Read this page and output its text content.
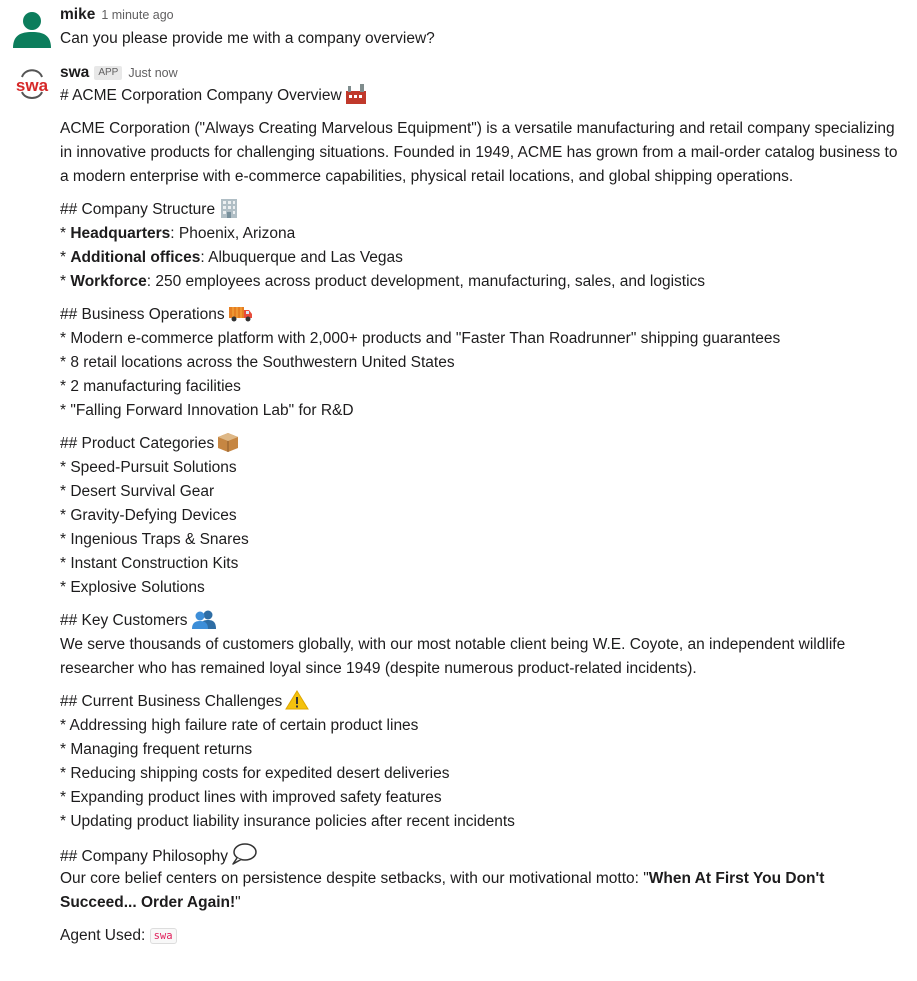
mike 1 minute ago
Can you please provide me with a company overview?
swa
swa APP Just now
# ACME Corporation Company Overview
ACME Corporation ("Always Creating Marvelous Equipment") is a versatile manufacturing and retail company specializing in innovative products for challenging situations. Founded in 1949, ACME has grown from a mail-order catalog business to a modern enterprise with e-commerce capabilities, physical retail locations, and global shipping operations.
## Company Structure
* Headquarters: Phoenix, Arizona
* Additional offices: Albuquerque and Las Vegas
* Workforce: 250 employees across product development, manufacturing, sales, and logistics
## Business Operations
* Modern e-commerce platform with 2,000+ products and "Faster Than Roadrunner" shipping guarantees
* 8 retail locations across the Southwestern United States
* 2 manufacturing facilities
* "Falling Forward Innovation Lab" for R&D
## Product Categories
* Speed-Pursuit Solutions
* Desert Survival Gear
* Gravity-Defying Devices
* Ingenious Traps & Snares
* Instant Construction Kits
* Explosive Solutions
## Key Customers
We serve thousands of customers globally, with our most notable client being W.E. Coyote, an independent wildlife researcher who has remained loyal since 1949 (despite numerous product-related incidents).
## Current Business Challenges
* Addressing high failure rate of certain product lines
* Managing frequent returns
* Reducing shipping costs for expedited desert deliveries
* Expanding product lines with improved safety features
* Updating product liability insurance policies after recent incidents
## Company Philosophy
Our core belief centers on persistence despite setbacks, with our motivational motto: "When At First You Don't Succeed... Order Again!"
Agent Used: swa
